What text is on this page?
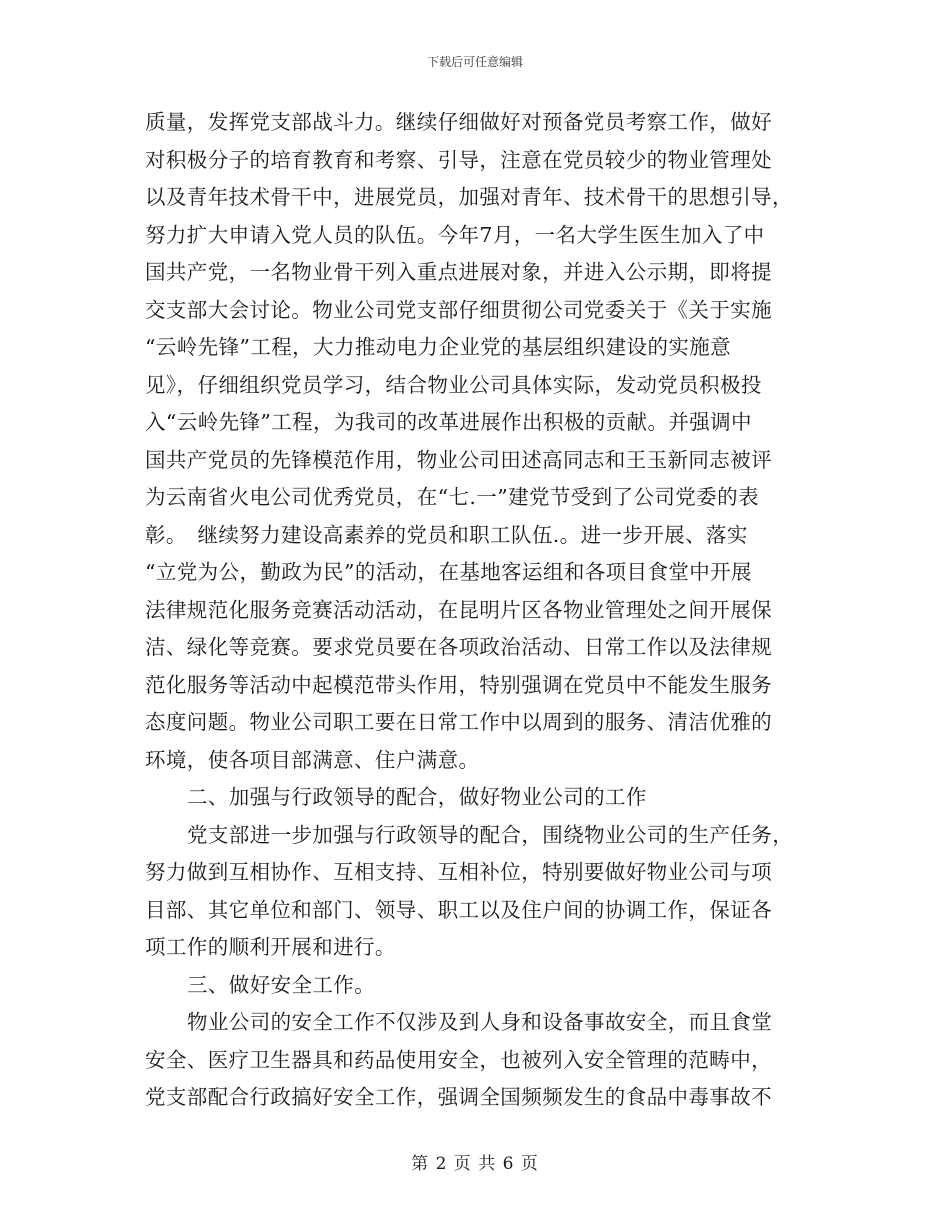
下载后可任意编辑
质量，发挥党支部战斗力。继续仔细做好对预备党员考察工作，做好
对积极分子的培育教育和考察、引导，注意在党员较少的物业管理处
以及青年技术骨干中，进展党员，加强对青年、技术骨干的思想引导，
努力扩大申请入党人员的队伍。今年7月，一名大学生医生加入了中
国共产党，一名物业骨干列入重点进展对象，并进入公示期，即将提
交支部大会讨论。物业公司党支部仔细贯彻公司党委关于《关于实施
“云岭先锋”工程，大力推动电力企业党的基层组织建设的实施意
见》，仔细组织党员学习，结合物业公司具体实际，发动党员积极投
入“云岭先锋”工程，为我司的改革进展作出积极的贡献。并强调中
国共产党员的先锋模范作用，物业公司田述高同志和王玉新同志被评
为云南省火电公司优秀党员，在“七.一”建党节受到了公司党委的表
彰。　继续努力建设高素养的党员和职工队伍.。进一步开展、落实
“立党为公，勤政为民”的活动，在基地客运组和各项目食堂中开展
法律规范化服务竞赛活动活动，在昆明片区各物业管理处之间开展保
洁、绿化等竞赛。要求党员要在各项政治活动、日常工作以及法律规
范化服务等活动中起模范带头作用，特别强调在党员中不能发生服务
态度问题。物业公司职工要在日常工作中以周到的服务、清洁优雅的
环境，使各项目部满意、住户满意。
二、加强与行政领导的配合，做好物业公司的工作
党支部进一步加强与行政领导的配合，围绕物业公司的生产任务，
努力做到互相协作、互相支持、互相补位，特别要做好物业公司与项
目部、其它单位和部门、领导、职工以及住户间的协调工作，保证各
项工作的顺利开展和进行。
三、做好安全工作。
物业公司的安全工作不仅涉及到人身和设备事故安全，而且食堂
安全、医疗卫生器具和药品使用安全，也被列入安全管理的范畴中，
党支部配合行政搞好安全工作，强调全国频频发生的食品中毒事故不
第 2 页 共 6 页
